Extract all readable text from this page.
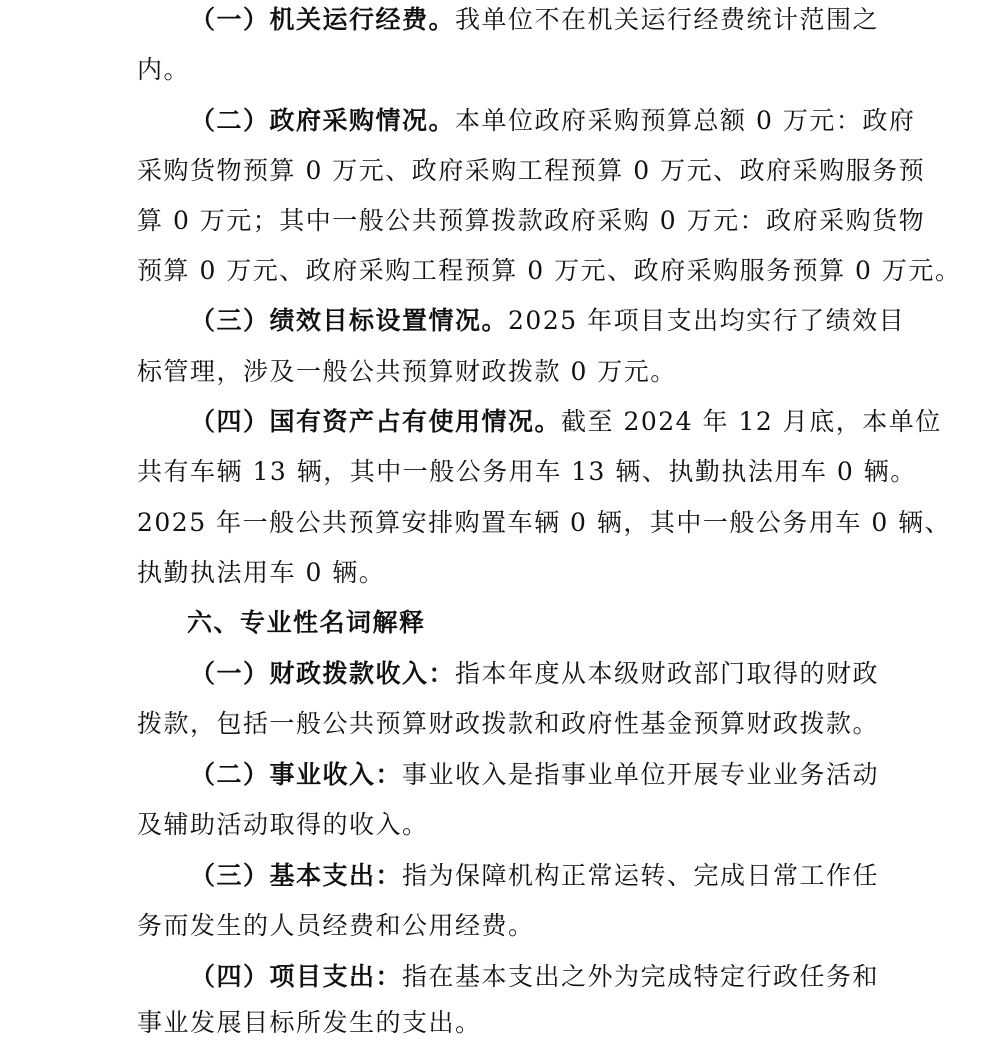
（一）机关运行经费。我单位不在机关运行经费统计范围之
内。
（二）政府采购情况。本单位政府采购预算总额 0 万元：政府
采购货物预算 0 万元、政府采购工程预算 0 万元、政府采购服务预
算 0 万元；其中一般公共预算拨款政府采购 0 万元：政府采购货物
预算 0 万元、政府采购工程预算 0 万元、政府采购服务预算 0 万元。
（三）绩效目标设置情况。2025 年项目支出均实行了绩效目
标管理，涉及一般公共预算财政拨款 0 万元。
（四）国有资产占有使用情况。截至 2024 年 12 月底，本单位
共有车辆 13 辆，其中一般公务用车 13 辆、执勤执法用车 0 辆。
2025 年一般公共预算安排购置车辆 0 辆，其中一般公务用车 0 辆、
执勤执法用车 0 辆。
六、专业性名词解释
（一）财政拨款收入：指本年度从本级财政部门取得的财政
拨款，包括一般公共预算财政拨款和政府性基金预算财政拨款。
（二）事业收入：事业收入是指事业单位开展专业业务活动
及辅助活动取得的收入。
（三）基本支出：指为保障机构正常运转、完成日常工作任
务而发生的人员经费和公用经费。
（四）项目支出：指在基本支出之外为完成特定行政任务和
事业发展目标所发生的支出。
